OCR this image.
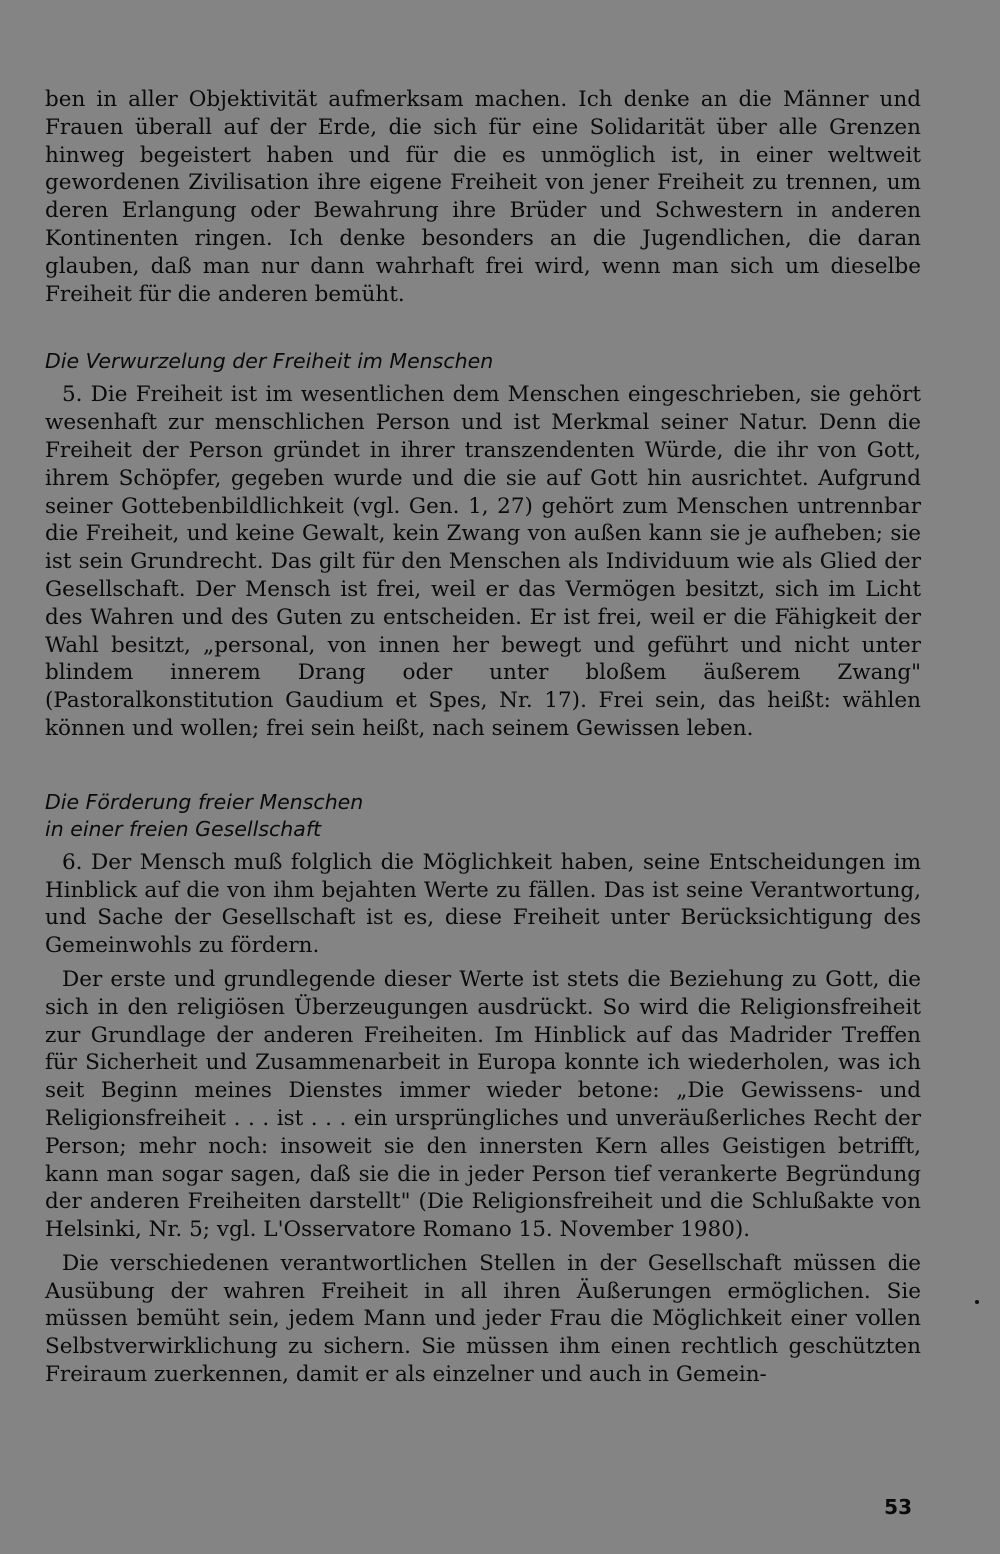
ben in aller Objektivität aufmerksam machen. Ich denke an die Männer und Frauen überall auf der Erde, die sich für eine Solidarität über alle Grenzen hinweg begeistert haben und für die es unmöglich ist, in einer weltweit gewordenen Zivilisation ihre eigene Freiheit von jener Freiheit zu trennen, um deren Erlangung oder Bewahrung ihre Brüder und Schwestern in anderen Kontinenten ringen. Ich denke besonders an die Jugendlichen, die daran glauben, daß man nur dann wahrhaft frei wird, wenn man sich um dieselbe Freiheit für die anderen bemüht.

Die Verwurzelung der Freiheit im Menschen

5. Die Freiheit ist im wesentlichen dem Menschen eingeschrieben, sie gehört wesenhaft zur menschlichen Person und ist Merkmal seiner Natur. Denn die Freiheit der Person gründet in ihrer transzendenten Würde, die ihr von Gott, ihrem Schöpfer, gegeben wurde und die sie auf Gott hin ausrichtet. Aufgrund seiner Gottebenbildlichkeit (vgl. Gen. 1, 27) gehört zum Menschen untrennbar die Freiheit, und keine Gewalt, kein Zwang von außen kann sie je aufheben; sie ist sein Grundrecht. Das gilt für den Menschen als Individuum wie als Glied der Gesellschaft. Der Mensch ist frei, weil er das Vermögen besitzt, sich im Licht des Wahren und des Guten zu entscheiden. Er ist frei, weil er die Fähigkeit der Wahl besitzt, „personal, von innen her bewegt und geführt und nicht unter blindem innerem Drang oder unter bloßem äußerem Zwang" (Pastoralkonstitution Gaudium et Spes, Nr. 17). Frei sein, das heißt: wählen können und wollen; frei sein heißt, nach seinem Gewissen leben.

Die Förderung freier Menschen
in einer freien Gesellschaft

6. Der Mensch muß folglich die Möglichkeit haben, seine Entscheidungen im Hinblick auf die von ihm bejahten Werte zu fällen. Das ist seine Verantwortung, und Sache der Gesellschaft ist es, diese Freiheit unter Berücksichtigung des Gemeinwohls zu fördern.

Der erste und grundlegende dieser Werte ist stets die Beziehung zu Gott, die sich in den religiösen Überzeugungen ausdrückt. So wird die Religionsfreiheit zur Grundlage der anderen Freiheiten. Im Hinblick auf das Madrider Treffen für Sicherheit und Zusammenarbeit in Europa konnte ich wiederholen, was ich seit Beginn meines Dienstes immer wieder betone: „Die Gewissens- und Religionsfreiheit . . . ist . . . ein ursprüngliches und unveräußerliches Recht der Person; mehr noch: insoweit sie den innersten Kern alles Geistigen betrifft, kann man sogar sagen, daß sie die in jeder Person tief verankerte Begründung der anderen Freiheiten darstellt" (Die Religionsfreiheit und die Schlußakte von Helsinki, Nr. 5; vgl. L'Osservatore Romano 15. November 1980).

Die verschiedenen verantwortlichen Stellen in der Gesellschaft müssen die Ausübung der wahren Freiheit in all ihren Äußerungen ermöglichen. Sie müssen bemüht sein, jedem Mann und jeder Frau die Möglichkeit einer vollen Selbstverwirklichung zu sichern. Sie müssen ihm einen rechtlich geschützten Freiraum zuerkennen, damit er als einzelner und auch in Gemein-

53
